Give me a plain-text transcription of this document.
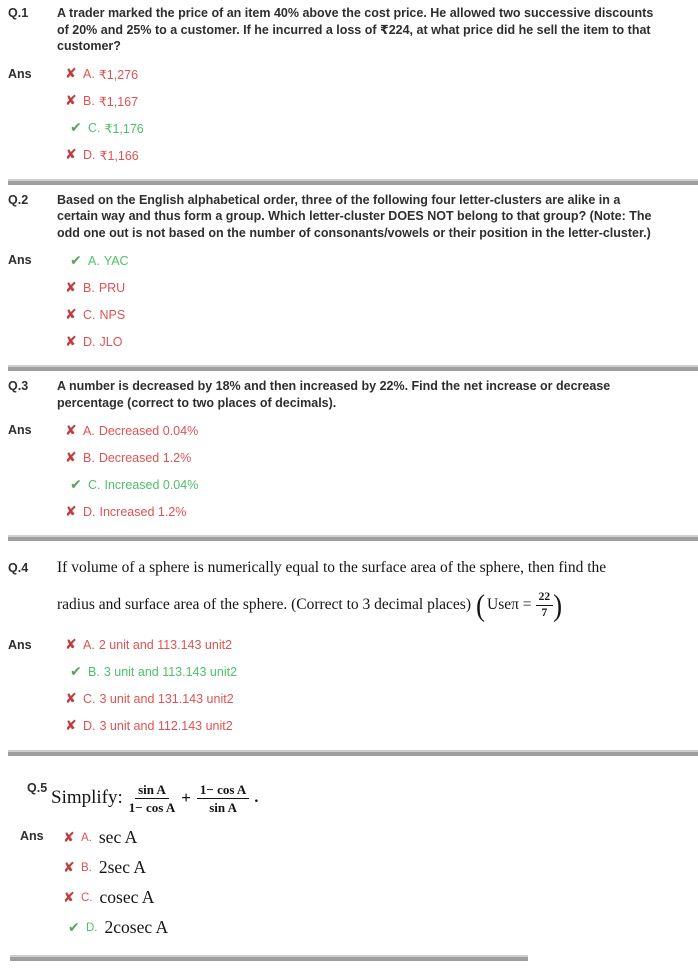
Q.1	A trader marked the price of an item 40% above the cost price. He allowed two successive discounts of 20% and 25% to a customer. If he incurred a loss of ₹224, at what price did he sell the item to that customer?
Ans	✘ A. ₹1,276
✘ B. ₹1,167
✔ C. ₹1,176
✘ D. ₹1,166
Q.2	Based on the English alphabetical order, three of the following four letter-clusters are alike in a certain way and thus form a group. Which letter-cluster DOES NOT belong to that group? (Note: The odd one out is not based on the number of consonants/vowels or their position in the letter-cluster.)
Ans	✔ A. YAC
✘ B. PRU
✘ C. NPS
✘ D. JLO
Q.3	A number is decreased by 18% and then increased by 22%. Find the net increase or decrease percentage (correct to two places of decimals).
Ans	✘ A. Decreased 0.04%
✘ B. Decreased 1.2%
✔ C. Increased 0.04%
✘ D. Increased 1.2%
Q.4	If volume of a sphere is numerically equal to the surface area of the sphere, then find the
radius and surface area of the sphere. (Correct to 3 decimal places) ( $Use\pi = \frac{22}{7}$ )
Ans	✘ A. 2 unit and 113.143 unit2
✔ B. 3 unit and 113.143 unit2
✘ C. 3 unit and 131.143 unit2
✘ D. 3 unit and 112.143 unit2
Q.5 Simplify: $\frac{\text{sin A}}{\text{1− cos A}} + \frac{\text{1− cos A}}{\text{sin A}}$ .
Ans	✘ A. sec A
✘ B. 2sec A
✘ C. cosec A
✔ D. 2cosec A
